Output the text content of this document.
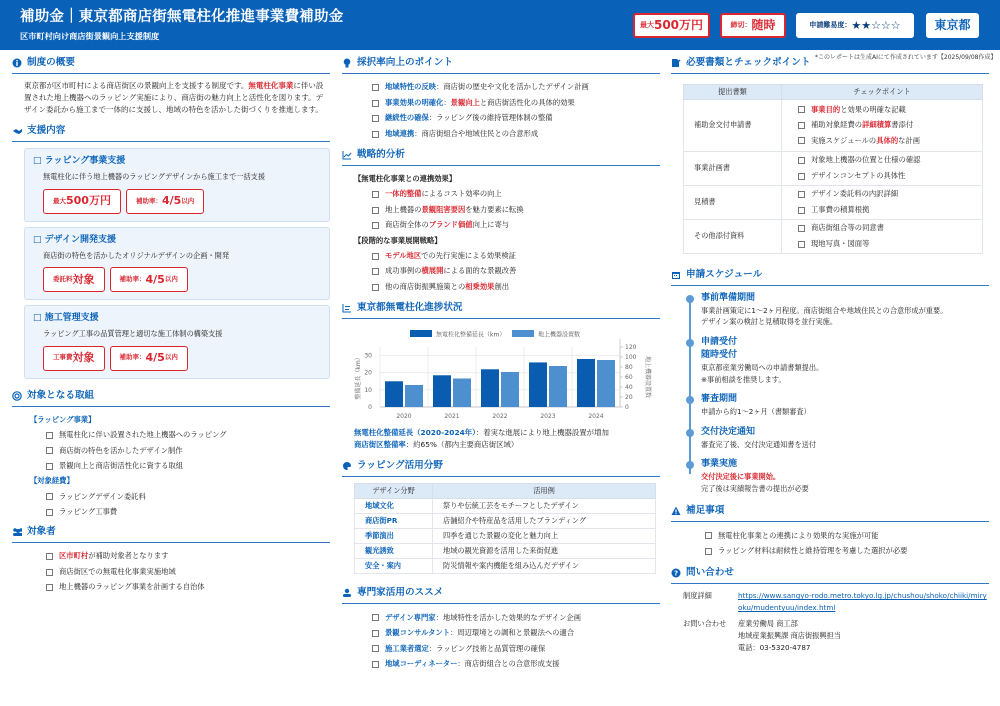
補助金｜東京都商店街無電柱化推進事業費補助金
区市町村向け商店街景観向上支援制度
最大 500万円	締切： 随時	申請難易度： ★★☆☆☆	東京都
*このレポートは生成AIにて作成されています【2025/09/08作成】
制度の概要
東京都が区市町村による商店街区の景観向上を支援する制度です。無電柱化事業に伴い設置された地上機器へのラッピング実施により、商店街の魅力向上と活性化を図ります。デザイン委託から施工まで一体的に支援し、地域の特色を活かした街づくりを推進します。
支援内容
□ ラッピング事業支援
無電柱化に伴う地上機器のラッピングデザインから施工まで一括支援
最大 500万円	補助率： 4/5 以内
□ デザイン開発支援
商店街の特色を活かしたオリジナルデザインの企画・開発
委託料 対象	補助率： 4/5 以内
□ 施工管理支援
ラッピング工事の品質管理と適切な施工体制の構築支援
工事費 対象	補助率： 4/5 以内
対象となる取組
【ラッピング事業】
無電柱化に伴い設置された地上機器へのラッピング
商店街の特色を活かしたデザイン制作
景観向上と商店街活性化に資する取組
【対象経費】
ラッピングデザイン委託料
ラッピング工事費
対象者
区市町村が補助対象者となります
商店街区での無電柱化事業実施地域
地上機器のラッピング事業を計画する自治体
採択率向上のポイント
地域特性の反映：商店街の歴史や文化を活かしたデザイン計画
事業効果の明確化：景観向上と商店街活性化の具体的効果
継続性の確保：ラッピング後の維持管理体制の整備
地域連携：商店街組合や地域住民との合意形成
戦略的分析
【無電柱化事業との連携効果】
一体的整備によるコスト効率の向上
地上機器の景観阻害要因を魅力要素に転換
商店街全体のブランド価値向上に寄与
【段階的な事業展開戦略】
モデル地区での先行実施による効果検証
成功事例の横展開による面的な景観改善
他の商店街振興施策との相乗効果創出
東京都無電柱化進捗状況
無電柱化整備延長（km）	地上機器設置数
0
10
20
30
0
20
40
60
80
100
120
2020	2021	2022	2023	2024
整備延長（km）	地上機器設置数
無電柱化整備延長（2020-2024年）：着実な進展により地上機器設置が増加
商店街区整備率：約65%（都内主要商店街区域）
ラッピング活用分野
デザイン分野	活用例
地域文化	祭りや伝統工芸をモチーフとしたデザイン
商店街PR	店舗紹介や特産品を活用したブランディング
季節演出	四季を通じた景観の変化と魅力向上
観光誘致	地域の観光資源を活用した来街促進
安全・案内	防災情報や案内機能を組み込んだデザイン
専門家活用のススメ
デザイン専門家：地域特性を活かした効果的なデザイン企画
景観コンサルタント：周辺環境との調和と景観法への適合
施工業者選定：ラッピング技術と品質管理の確保
地域コーディネーター：商店街組合との合意形成支援
必要書類とチェックポイント
提出書類	チェックポイント
補助金交付申請書	事業目的と効果の明確な記載
補助対象経費の詳細積算書添付
実施スケジュールの具体的な計画

事業計画書	対象地上機器の位置と仕様の確認
デザインコンセプトの具体性

見積書	デザイン委託料の内訳詳細
工事費の積算根拠

その他添付資料	商店街組合等の同意書
現地写真・図面等
申請スケジュール
事前準備期間
事業計画策定に1〜2ヶ月程度。商店街組合や地域住民との合意形成が重要。
デザイン案の検討と見積取得を並行実施。
申請受付
随時受付
東京都産業労働局への申請書類提出。
※事前相談を推奨します。
審査期間
申請から約1〜2ヶ月（書類審査）
交付決定通知
審査完了後、交付決定通知書を送付
事業実施
交付決定後に事業開始。
完了後は実績報告書の提出が必要
補足事項
無電柱化事業との連携により効果的な実施が可能
ラッピング材料は耐候性と維持管理を考慮した選択が必要
? 問い合わせ
制度詳細	https://www.sangyo-rodo.metro.tokyo.lg.jp/chushou/shoko/chiiki/miry
oku/mudentyuu/index.html
お問い合わせ	産業労働局 商工部
地域産業振興課 商店街振興担当
電話：03-5320-4787
